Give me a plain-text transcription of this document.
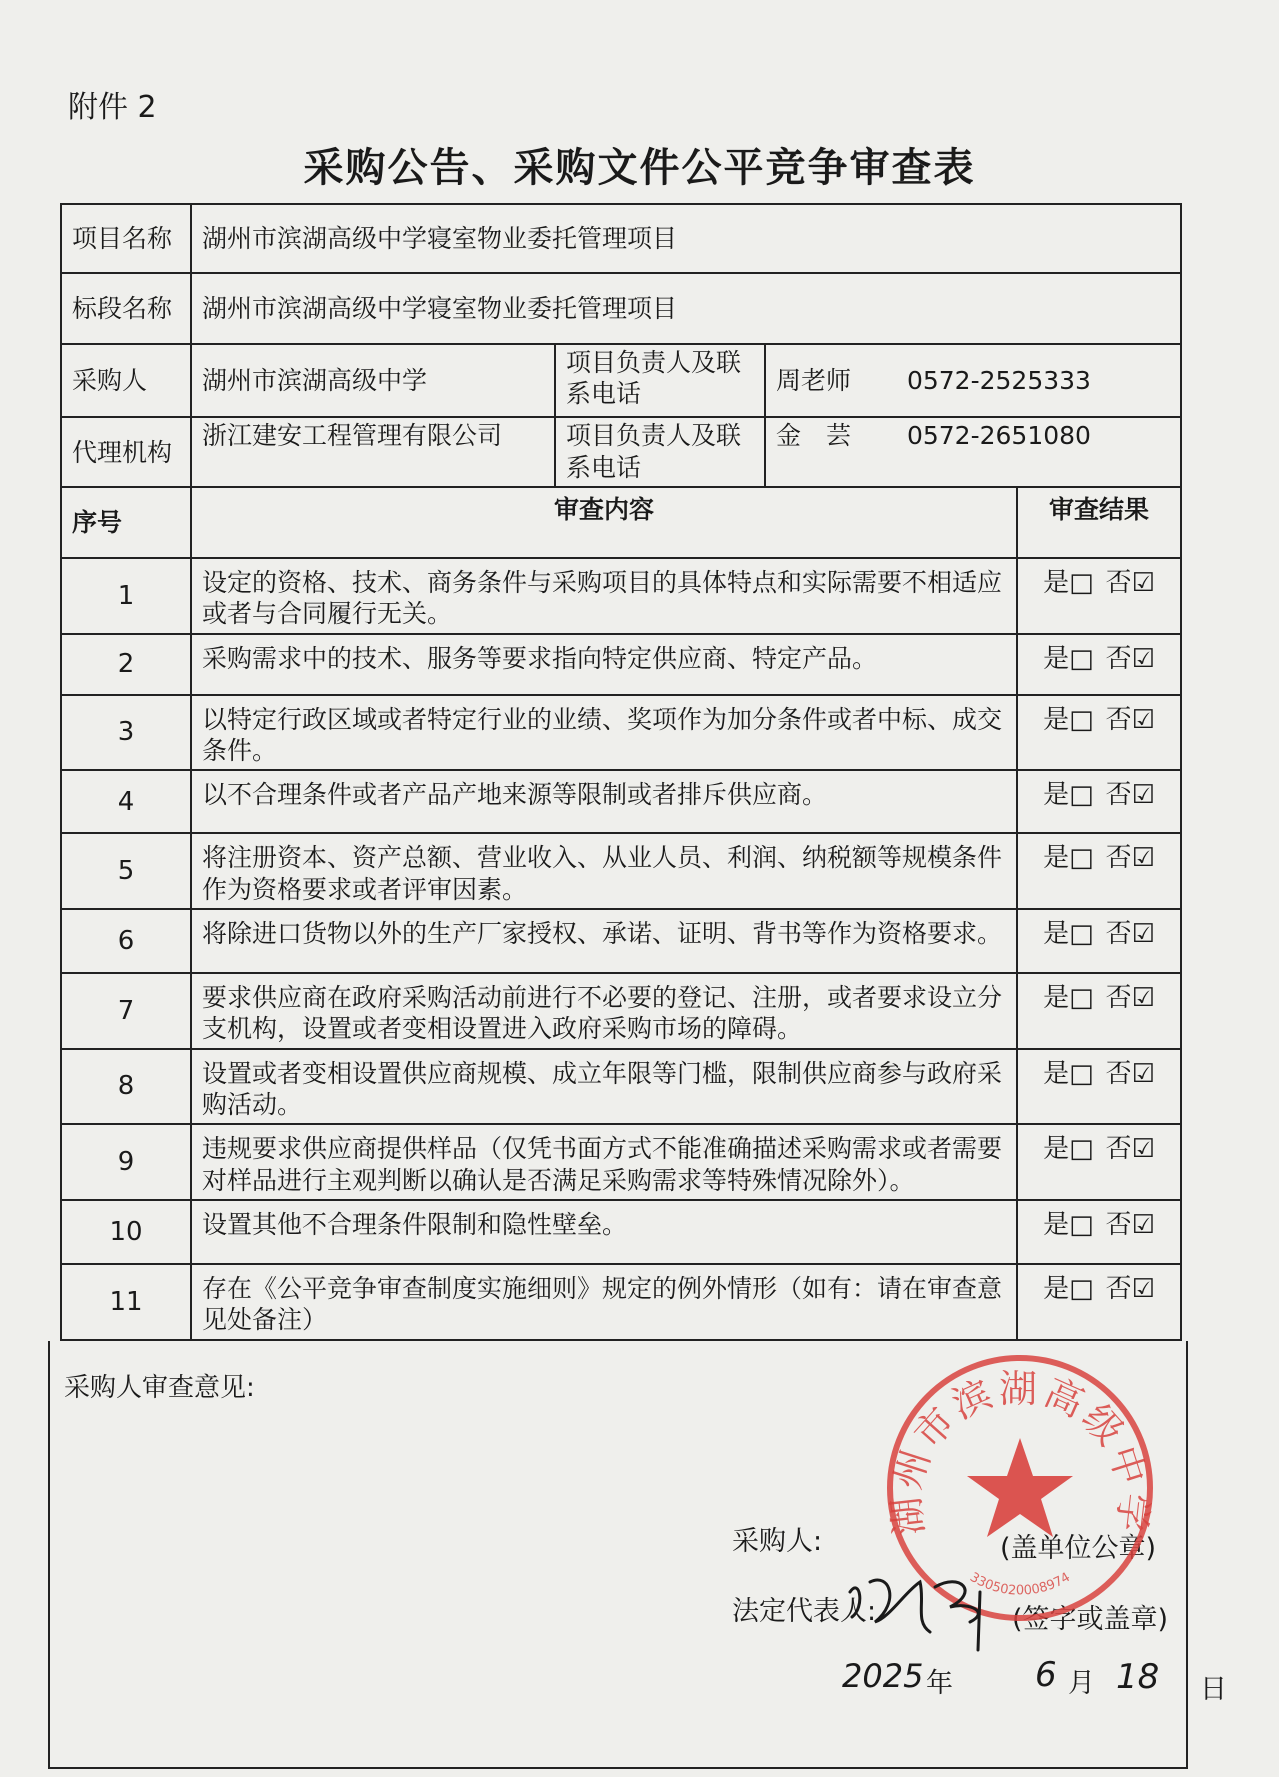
附件 2
采购公告、采购文件公平竞争审查表
项目名称	湖州市滨湖高级中学寝室物业委托管理项目			
标段名称	湖州市滨湖高级中学寝室物业委托管理项目			
采购人	湖州市滨湖高级中学	项目负责人及联系电话	周老师 0572-2525333	
代理机构	浙江建安工程管理有限公司	项目负责人及联系电话	金　芸 0572-2651080	
序号	审查内容			审查结果
1	设定的资格、技术、商务条件与采购项目的具体特点和实际需要不相适应或者与合同履行无关。			是□ 否☑
2	采购需求中的技术、服务等要求指向特定供应商、特定产品。			是□ 否☑
3	以特定行政区域或者特定行业的业绩、奖项作为加分条件或者中标、成交条件。			是□ 否☑
4	以不合理条件或者产品产地来源等限制或者排斥供应商。			是□ 否☑
5	将注册资本、资产总额、营业收入、从业人员、利润、纳税额等规模条件作为资格要求或者评审因素。			是□ 否☑
6	将除进口货物以外的生产厂家授权、承诺、证明、背书等作为资格要求。			是□ 否☑
7	要求供应商在政府采购活动前进行不必要的登记、注册，或者要求设立分支机构，设置或者变相设置进入政府采购市场的障碍。			是□ 否☑
8	设置或者变相设置供应商规模、成立年限等门槛，限制供应商参与政府采购活动。			是□ 否☑
9	违规要求供应商提供样品（仅凭书面方式不能准确描述采购需求或者需要对样品进行主观判断以确认是否满足采购需求等特殊情况除外）。			是□ 否☑
10	设置其他不合理条件限制和隐性壁垒。			是□ 否☑
11	存在《公平竞争审查制度实施细则》规定的例外情形（如有：请在审查意见处备注）			是□ 否☑
采购人审查意见:
采购人:	(盖单位公章)
法定代表人:	(签字或盖章)
2025 年 6 月 18 日
湖州市滨湖高级中学
3305020008974
